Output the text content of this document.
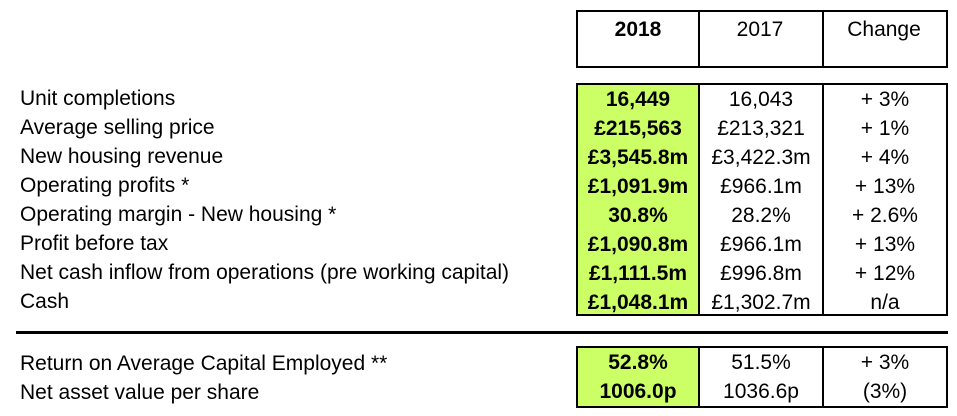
2018	2017	Change
Unit completions
Average selling price
New housing revenue
Operating profits *
Operating margin - New housing *
Profit before tax
Net cash inflow from operations (pre working capital)
Cash
16,449
£215,563
£3,545.8m
£1,091.9m
30.8%
£1,090.8m
£1,111.5m
£1,048.1m
16,043
£213,321
£3,422.3m
£966.1m
28.2%
£966.1m
£996.8m
£1,302.7m
+ 3%
+ 1%
+ 4%
+ 13%
+ 2.6%
+ 13%
+ 12%
n/a
Return on Average Capital Employed **
Net asset value per share
52.8%
1006.0p
51.5%
1036.6p
+ 3%
(3%)
